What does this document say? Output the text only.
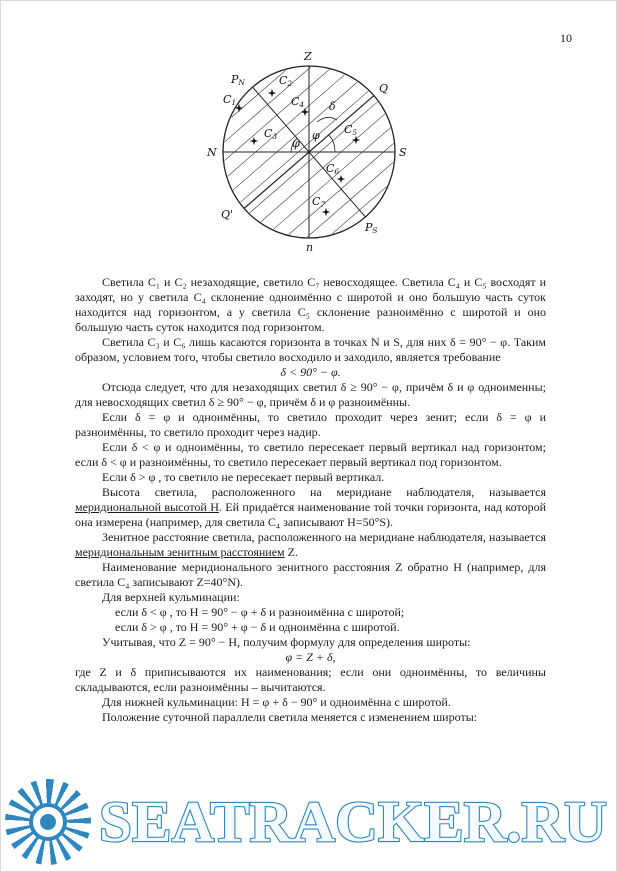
10
Z
n
N	S
Q
Q'
PN
PS
φ
φ
δ
C1
C2
C3
C4
C5
C6
C7

Светила C₁ и C₂ незаходящие, светило C₇ невосходящее. Светила C₄ и C₅ восходят и заходят, но у светила C₄ склонение одноимённо с широтой и оно большую часть суток находится над горизонтом, а у светила C₅ склонение разноимённо с широтой и оно большую часть суток находится под горизонтом.

Светила C₃ и C₆ лишь касаются горизонта в точках N и S, для них δ = 90° − φ. Таким образом, условием того, чтобы светило восходило и заходило, является требование

δ < 90° − φ.

Отсюда следует, что для незаходящих светил δ ≥ 90° − φ, причём δ и φ одноименны; для невосходящих светил δ ≥ 90° − φ, причём δ и φ разноимённы.

Если δ = φ и одноимённы, то светило проходит через зенит; если δ = φ и разноимённы, то светило проходит через надир.

Если δ < φ и одноимённы, то светило пересекает первый вертикал над горизонтом; если δ < φ и разноимённы, то светило пересекает первый вертикал под горизонтом.

Если δ > φ , то светило не пересекает первый вертикал.

Высота светила, расположенного на меридиане наблюдателя, называется меридиональной высотой H. Ей придаётся наименование той точки горизонта, над которой она измерена (например, для светила C₄ записывают H=50°S).

Зенитное расстояние светила, расположенного на меридиане наблюдателя, называется меридиональным зенитным расстоянием Z.

Наименование меридионального зенитного расстояния Z обратно H (например, для светила C₄ записывают Z=40°N).

Для верхней кульминации:

если δ < φ , то H = 90° − φ + δ и разноимённа с широтой;

если δ > φ , то H = 90° + φ − δ и одноимённа с широтой.

Учитывая, что Z = 90° − H, получим формулу для определения широты:

φ = Z + δ,

где Z и δ приписываются их наименования; если они одноимённы, то величины складываются, если разноимённы – вычитаются.

Для нижней кульминации: H = φ + δ − 90° и одноимённа с широтой.

Положение суточной параллели светила меняется с изменением широты:

SEATRACKER.RU
